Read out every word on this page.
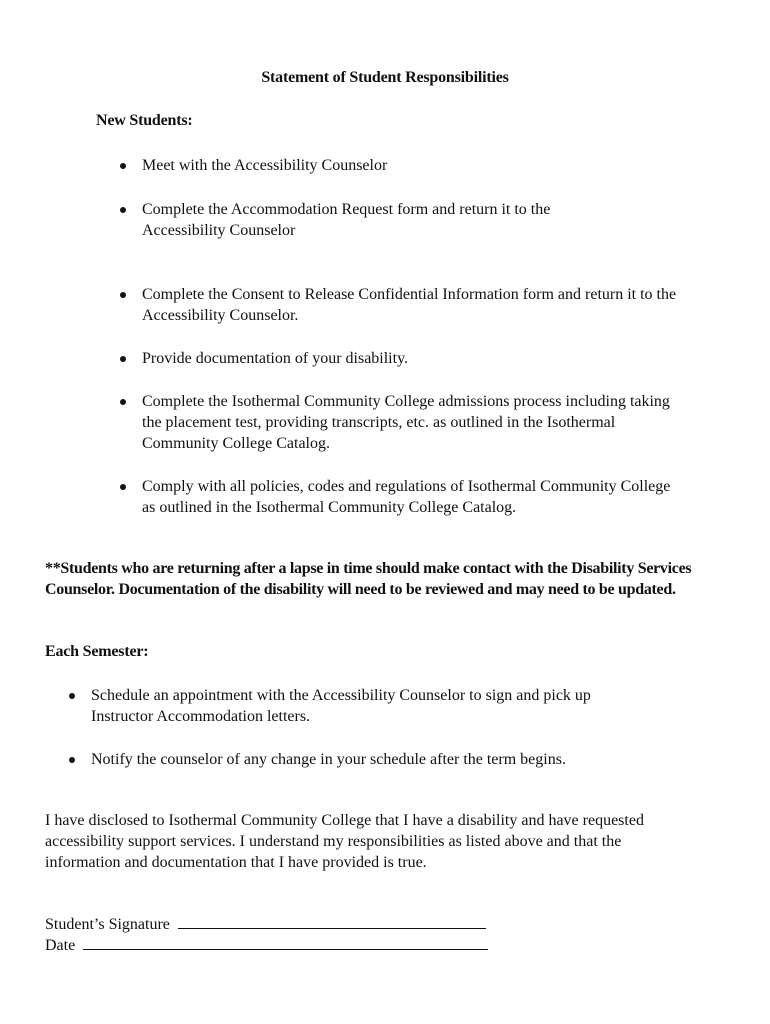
Statement of Student Responsibilities
New Students:
Meet with the Accessibility Counselor
Complete the Accommodation Request form and return it to the Accessibility Counselor
Complete the Consent to Release Confidential Information form and return it to the Accessibility Counselor.
Provide documentation of your disability.
Complete the Isothermal Community College admissions process including taking the placement test, providing transcripts, etc. as outlined in the Isothermal Community College Catalog.
Comply with all policies, codes and regulations of Isothermal Community College as outlined in the Isothermal Community College Catalog.
**Students who are returning after a lapse in time should make contact with the Disability Services Counselor. Documentation of the disability will need to be reviewed and may need to be updated.
Each Semester:
Schedule an appointment with the Accessibility Counselor to sign and pick up Instructor Accommodation letters.
Notify the counselor of any change in your schedule after the term begins.
I have disclosed to Isothermal Community College that I have a disability and have requested accessibility support services. I understand my responsibilities as listed above and that the information and documentation that I have provided is true.
Student’s Signature
Date
